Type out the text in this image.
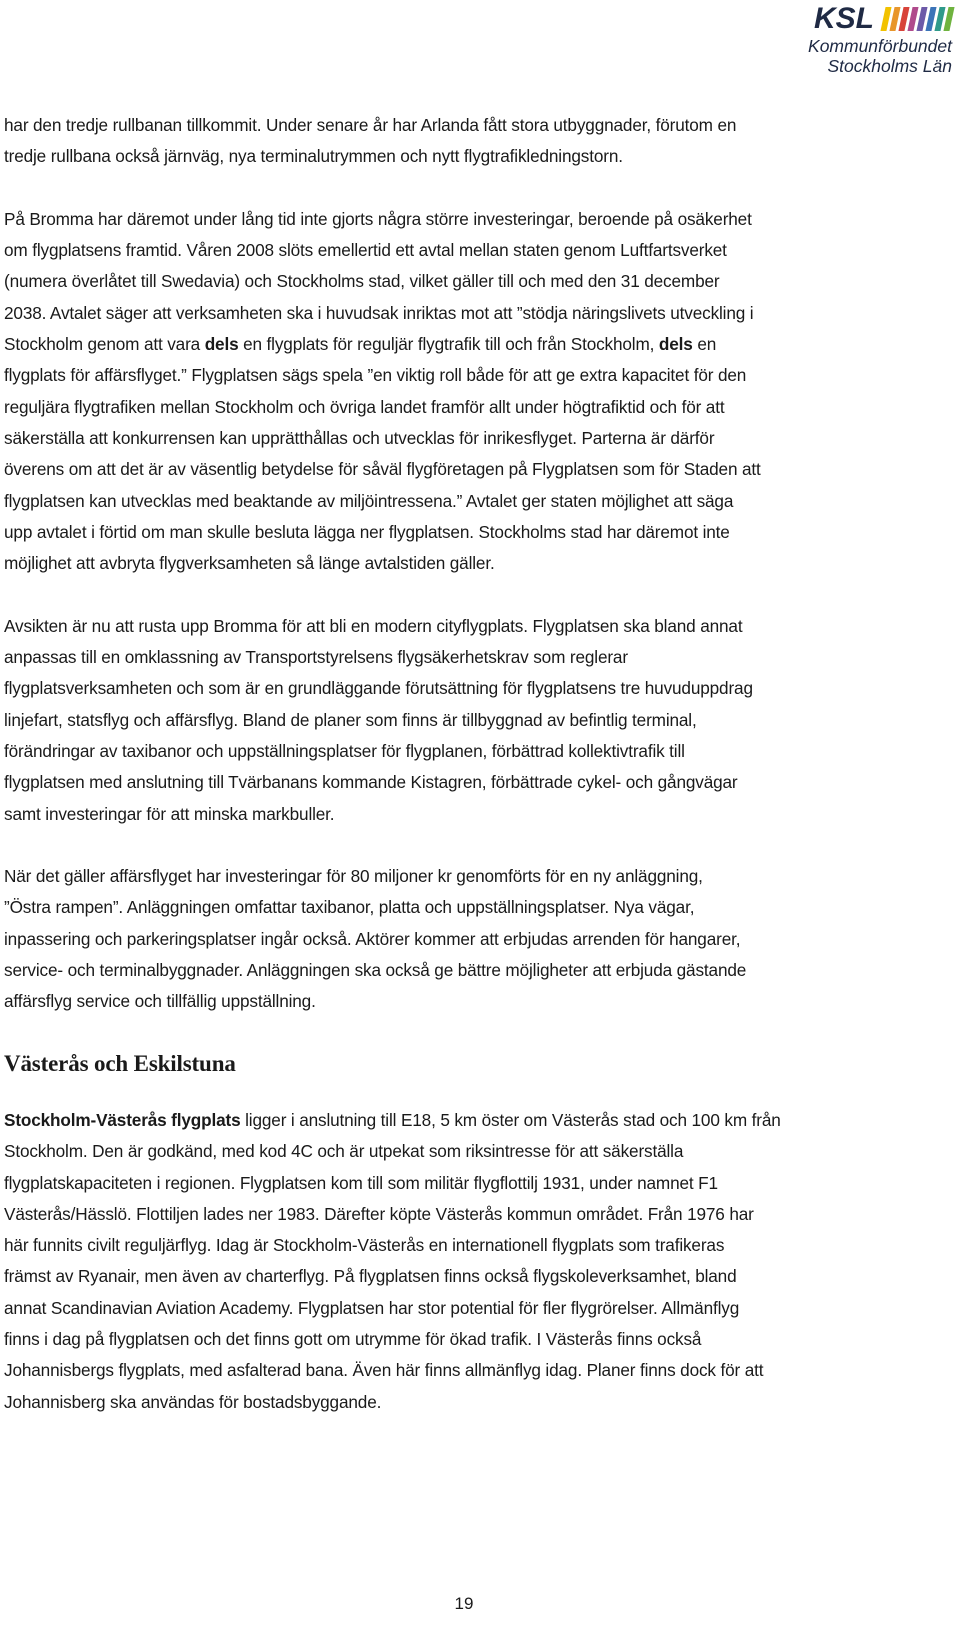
KSL
Kommunförbundet
Stockholms Län

har den tredje rullbanan tillkommit. Under senare år har Arlanda fått stora utbyggnader, förutom en
tredje rullbana också järnväg, nya terminalutrymmen och nytt flygtrafikledningstorn.

På Bromma har däremot under lång tid inte gjorts några större investeringar, beroende på osäkerhet
om flygplatsens framtid. Våren 2008 slöts emellertid ett avtal mellan staten genom Luftfartsverket
(numera överlåtet till Swedavia) och Stockholms stad, vilket gäller till och med den 31 december
2038. Avtalet säger att verksamheten ska i huvudsak inriktas mot att ”stödja näringslivets utveckling i
Stockholm genom att vara dels en flygplats för reguljär flygtrafik till och från Stockholm, dels en
flygplats för affärsflyget.” Flygplatsen sägs spela ”en viktig roll både för att ge extra kapacitet för den
reguljära flygtrafiken mellan Stockholm och övriga landet framför allt under högtrafiktid och för att
säkerställa att konkurrensen kan upprätthållas och utvecklas för inrikesflyget. Parterna är därför
överens om att det är av väsentlig betydelse för såväl flygföretagen på Flygplatsen som för Staden att
flygplatsen kan utvecklas med beaktande av miljöintressena.” Avtalet ger staten möjlighet att säga
upp avtalet i förtid om man skulle besluta lägga ner flygplatsen. Stockholms stad har däremot inte
möjlighet att avbryta flygverksamheten så länge avtalstiden gäller.

Avsikten är nu att rusta upp Bromma för att bli en modern cityflygplats. Flygplatsen ska bland annat
anpassas till en omklassning av Transportstyrelsens flygsäkerhetskrav som reglerar
flygplatsverksamheten och som är en grundläggande förutsättning för flygplatsens tre huvuduppdrag
linjefart, statsflyg och affärsflyg. Bland de planer som finns är tillbyggnad av befintlig terminal,
förändringar av taxibanor och uppställningsplatser för flygplanen, förbättrad kollektivtrafik till
flygplatsen med anslutning till Tvärbanans kommande Kistagren, förbättrade cykel- och gångvägar
samt investeringar för att minska markbuller.

När det gäller affärsflyget har investeringar för 80 miljoner kr genomförts för en ny anläggning,
”Östra rampen”. Anläggningen omfattar taxibanor, platta och uppställningsplatser. Nya vägar,
inpassering och parkeringsplatser ingår också. Aktörer kommer att erbjudas arrenden för hangarer,
service- och terminalbyggnader. Anläggningen ska också ge bättre möjligheter att erbjuda gästande
affärsflyg service och tillfällig uppställning.

Västerås och Eskilstuna

Stockholm-Västerås flygplats ligger i anslutning till E18, 5 km öster om Västerås stad och 100 km från
Stockholm. Den är godkänd, med kod 4C och är utpekat som riksintresse för att säkerställa
flygplatskapaciteten i regionen. Flygplatsen kom till som militär flygflottilj 1931, under namnet F1
Västerås/Hässlö. Flottiljen lades ner 1983. Därefter köpte Västerås kommun området. Från 1976 har
här funnits civilt reguljärflyg. Idag är Stockholm-Västerås en internationell flygplats som trafikeras
främst av Ryanair, men även av charterflyg. På flygplatsen finns också flygskoleverksamhet, bland
annat Scandinavian Aviation Academy. Flygplatsen har stor potential för fler flygrörelser. Allmänflyg
finns i dag på flygplatsen och det finns gott om utrymme för ökad trafik. I Västerås finns också
Johannisbergs flygplats, med asfalterad bana. Även här finns allmänflyg idag. Planer finns dock för att
Johannisberg ska användas för bostadsbyggande.

19
